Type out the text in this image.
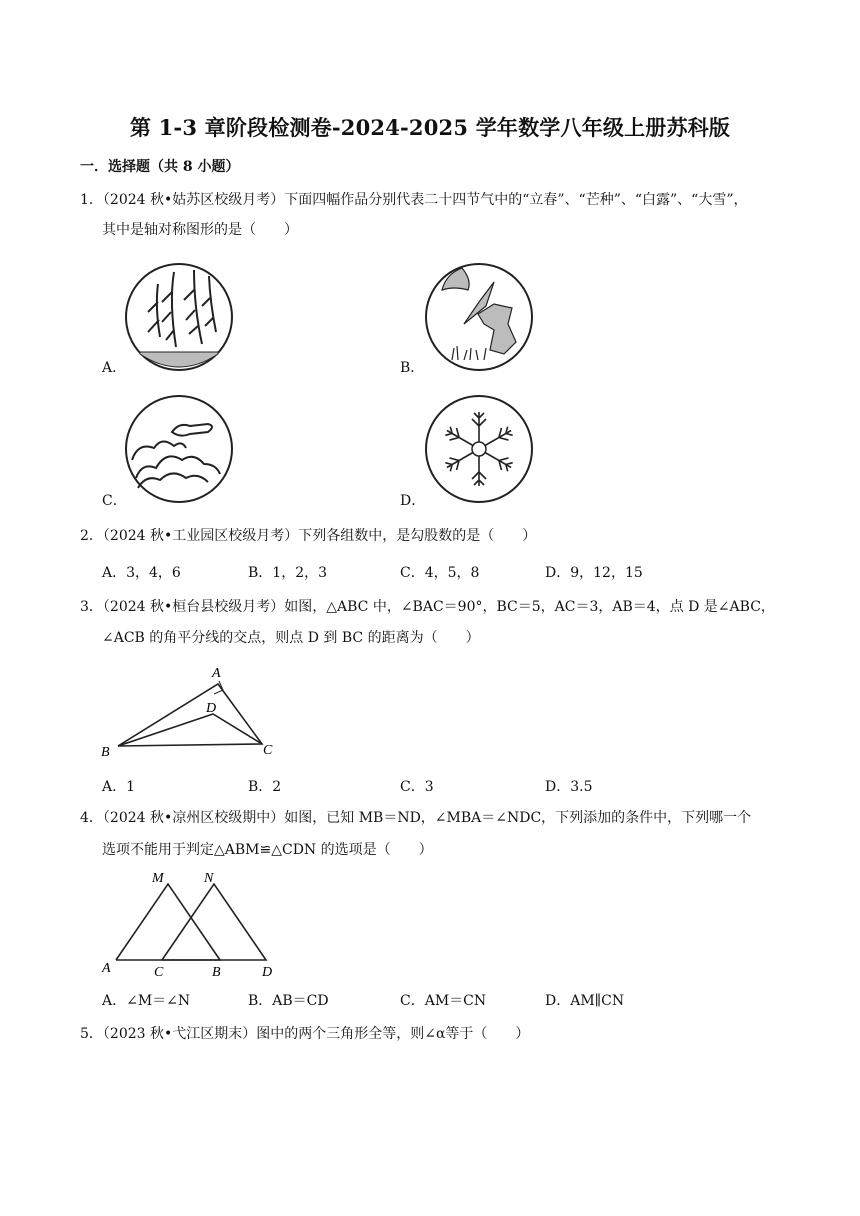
第 1-3 章阶段检测卷-2024-2025 学年数学八年级上册苏科版
一．选择题（共 8 小题）
1．（2024 秋•姑苏区校级月考）下面四幅作品分别代表二十四节气中的“立春”、“芒种”、“白露”、“大雪”，
其中是轴对称图形的是（　　）
A．	B．
C．	D．
2．（2024 秋•工业园区校级月考）下列各组数中，是勾股数的是（　　）
A．3，4，6	B．1，2，3	C．4，5，8	D．9，12，15
3．（2024 秋•桓台县校级月考）如图，△ABC 中，∠BAC＝90°，BC＝5，AC＝3，AB＝4，点 D 是∠ABC，
∠ACB 的角平分线的交点，则点 D 到 BC 的距离为（　　）
A
D
B	C
A．1	B．2	C．3	D．3.5
4．（2024 秋•凉州区校级期中）如图，已知 MB＝ND，∠MBA＝∠NDC，下列添加的条件中，下列哪一个
选项不能用于判定△ABM≌△CDN 的选项是（　　）
M	N
A	C	B	D
A．∠M＝∠N	B．AB＝CD	C．AM＝CN	D．AM∥CN
5．（2023 秋•弋江区期末）图中的两个三角形全等，则∠α等于（　　）
